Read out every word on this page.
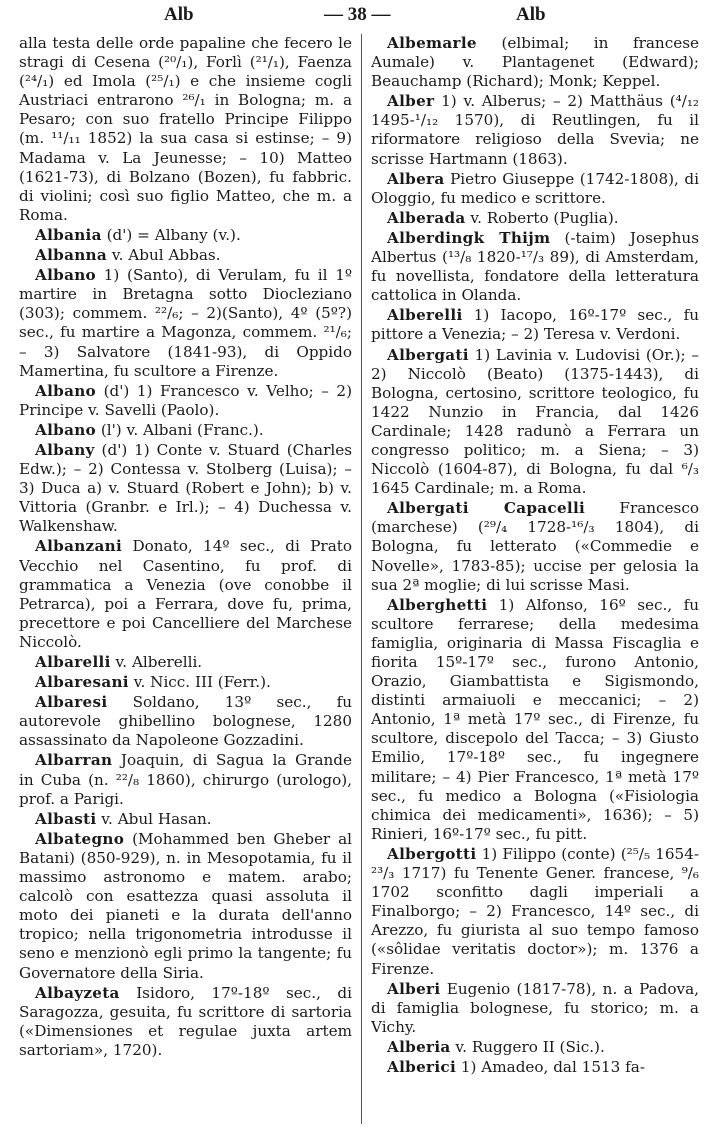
Alb	— 38 —	Alb
alla testa delle orde papaline che fecero le stragi di Cesena (²⁰/₁), Forlì (²¹/₁), Faenza (²⁴/₁) ed Imola (²⁵/₁) e che insieme cogli Austriaci entrarono ²⁶/₁ in Bologna; m. a Pesaro; con suo fratello Principe Filippo (m. ¹¹/₁₁ 1852) la sua casa si estinse; – 9) Madama v. La Jeunesse; – 10) Matteo (1621-73), di Bolzano (Bozen), fu fabbric. di violini; così suo figlio Matteo, che m. a Roma.
Albania (d') = Albany (v.).
Albanna v. Abul Abbas.
Albano 1) (Santo), di Verulam, fu il 1º martire in Bretagna sotto Diocleziano (303); commem. ²²/₆; – 2)(Santo), 4º (5º?) sec., fu martire a Magonza, commem. ²¹/₆; – 3) Salvatore (1841-93), di Oppido Mamertina, fu scultore a Firenze.
Albano (d') 1) Francesco v. Velho; – 2) Principe v. Savelli (Paolo).
Albano (l') v. Albani (Franc.).
Albany (d') 1) Conte v. Stuard (Charles Edw.); – 2) Contessa v. Stolberg (Luisa); – 3) Duca a) v. Stuard (Robert e John); b) v. Vittoria (Granbr. e Irl.); – 4) Duchessa v. Walkenshaw.
Albanzani Donato, 14º sec., di Prato Vecchio nel Casentino, fu prof. di grammatica a Venezia (ove conobbe il Petrarca), poi a Ferrara, dove fu, prima, precettore e poi Cancelliere del Marchese Niccolò.
Albarelli v. Alberelli.
Albaresani v. Nicc. III (Ferr.).
Albaresi Soldano, 13º sec., fu autorevole ghibellino bolognese, 1280 assassinato da Napoleone Gozzadini.
Albarran Joaquin, di Sagua la Grande in Cuba (n. ²²/₈ 1860), chirurgo (urologo), prof. a Parigi.
Albasti v. Abul Hasan.
Albategno (Mohammed ben Gheber al Batani) (850-929), n. in Mesopotamia, fu il massimo astronomo e matem. arabo; calcolò con esattezza quasi assoluta il moto dei pianeti e la durata dell'anno tropico; nella trigonometria introdusse il seno e menzionò egli primo la tangente; fu Governatore della Siria.
Albayzeta Isidoro, 17º-18º sec., di Saragozza, gesuita, fu scrittore di sartoria («Dimensiones et regulae juxta artem sartoriam», 1720).
Albemarle (elbimal; in francese Aumale) v. Plantagenet (Edward); Beauchamp (Richard); Monk; Keppel.
Alber 1) v. Alberus; – 2) Matthäus (⁴/₁₂ 1495-¹/₁₂ 1570), di Reutlingen, fu il riformatore religioso della Svevia; ne scrisse Hartmann (1863).
Albera Pietro Giuseppe (1742-1808), di Ologgio, fu medico e scrittore.
Alberada v. Roberto (Puglia).
Alberdingk Thijm (-taim) Josephus Albertus (¹³/₈ 1820-¹⁷/₃ 89), di Amsterdam, fu novellista, fondatore della letteratura cattolica in Olanda.
Alberelli 1) Iacopo, 16º-17º sec., fu pittore a Venezia; – 2) Teresa v. Verdoni.
Albergati 1) Lavinia v. Ludovisi (Or.); – 2) Niccolò (Beato) (1375-1443), di Bologna, certosino, scrittore teologico, fu 1422 Nunzio in Francia, dal 1426 Cardinale; 1428 radunò a Ferrara un congresso politico; m. a Siena; – 3) Niccolò (1604-87), di Bologna, fu dal ⁶/₃ 1645 Cardinale; m. a Roma.
Albergati Capacelli Francesco (marchese) (²⁹/₄ 1728-¹⁶/₃ 1804), di Bologna, fu letterato («Commedie e Novelle», 1783-85); uccise per gelosia la sua 2ª moglie; di lui scrisse Masi.
Alberghetti 1) Alfonso, 16º sec., fu scultore ferrarese; della medesima famiglia, originaria di Massa Fiscaglia e fiorita 15º-17º sec., furono Antonio, Orazio, Giambattista e Sigismondo, distinti armaiuoli e meccanici; – 2) Antonio, 1ª metà 17º sec., di Firenze, fu scultore, discepolo del Tacca; – 3) Giusto Emilio, 17º-18º sec., fu ingegnere militare; – 4) Pier Francesco, 1ª metà 17º sec., fu medico a Bologna («Fisiologia chimica dei medicamenti», 1636); – 5) Rinieri, 16º-17º sec., fu pitt.
Albergotti 1) Filippo (conte) (²⁵/₅ 1654-²³/₃ 1717) fu Tenente Gener. francese, ⁹/₆ 1702 sconfitto dagli imperiali a Finalborgo; – 2) Francesco, 14º sec., di Arezzo, fu giurista al suo tempo famoso («sôlidae veritatis doctor»); m. 1376 a Firenze.
Alberi Eugenio (1817-78), n. a Padova, di famiglia bolognese, fu storico; m. a Vichy.
Alberia v. Ruggero II (Sic.).
Alberici 1) Amadeo, dal 1513 fa-
